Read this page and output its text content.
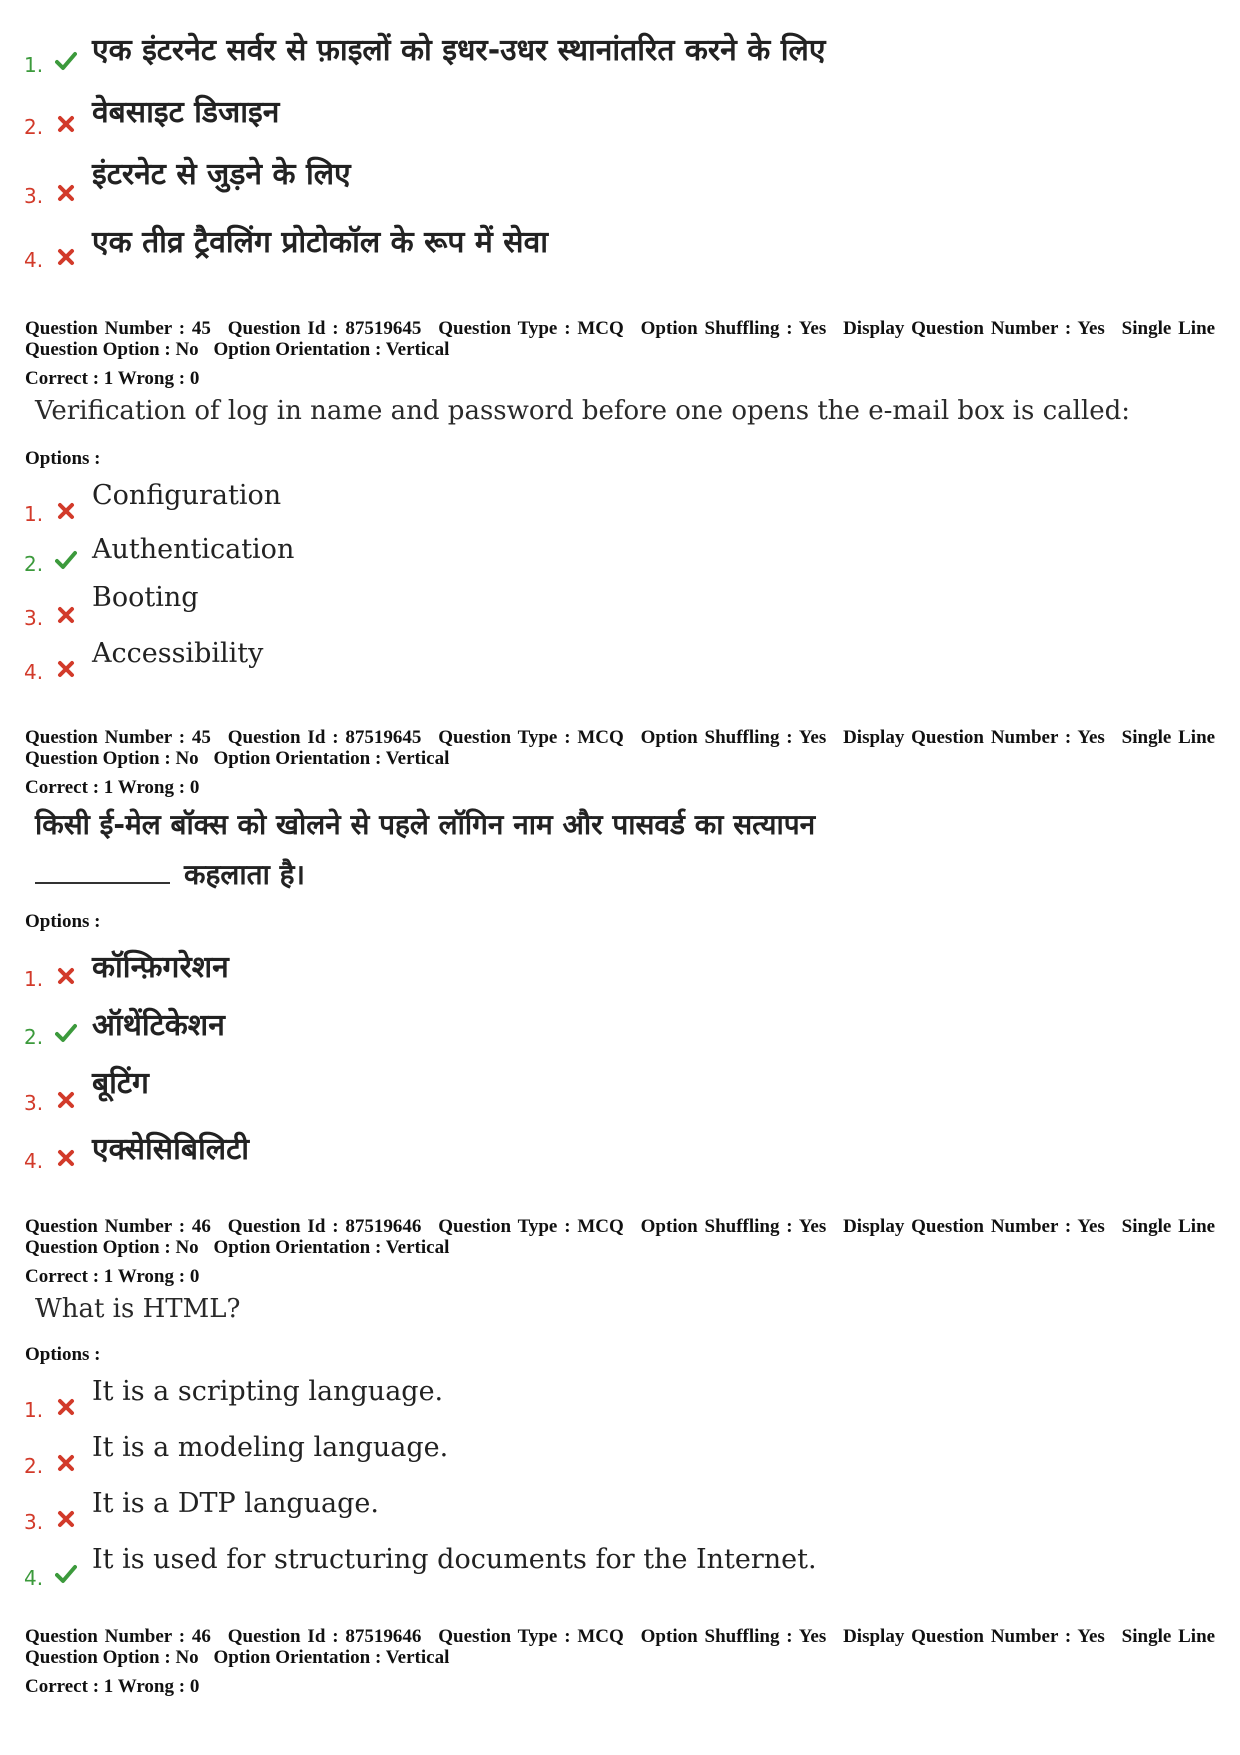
1. एक इंटरनेट सर्वर से फ़ाइलों को इधर-उधर स्थानांतरित करने के लिए
2. वेबसाइट डिजाइन
3.
इंटरनेट से जुड़ने के लिए
4. एक तीव्र ट्रैवलिंग प्रोटोकॉल के रूप में सेवा
Question Number : 45 Question Id : 87519645 Question Type : MCQ Option Shuffling : Yes Display Question Number : Yes Single Line Question Option : No Option Orientation : Vertical
Correct : 1 Wrong : 0
Verification of log in name and password before one opens the e-mail box is called:
Options :
1.
Configuration
2. Authentication
3.
Booting
4.
Accessibility
Question Number : 45 Question Id : 87519645 Question Type : MCQ Option Shuffling : Yes Display Question Number : Yes Single Line Question Option : No Option Orientation : Vertical
Correct : 1 Wrong : 0
किसी ई-मेल बॉक्स को खोलने से पहले लॉगिन नाम और पासवर्ड का सत्यापन
कहलाता है।
Options :
1. कॉन्फ़िगरेशन
2. ऑथेंटिकेशन
3.
बूटिंग
4. एक्सेसिबिलिटी
Question Number : 46 Question Id : 87519646 Question Type : MCQ Option Shuffling : Yes Display Question Number : Yes Single Line Question Option : No Option Orientation : Vertical
Correct : 1 Wrong : 0
What is HTML?
Options :
1.
It is a scripting language.
2.
It is a modeling language.
3.
It is a DTP language.
4.
It is used for structuring documents for the Internet.
Question Number : 46 Question Id : 87519646 Question Type : MCQ Option Shuffling : Yes Display Question Number : Yes Single Line Question Option : No Option Orientation : Vertical
Correct : 1 Wrong : 0
